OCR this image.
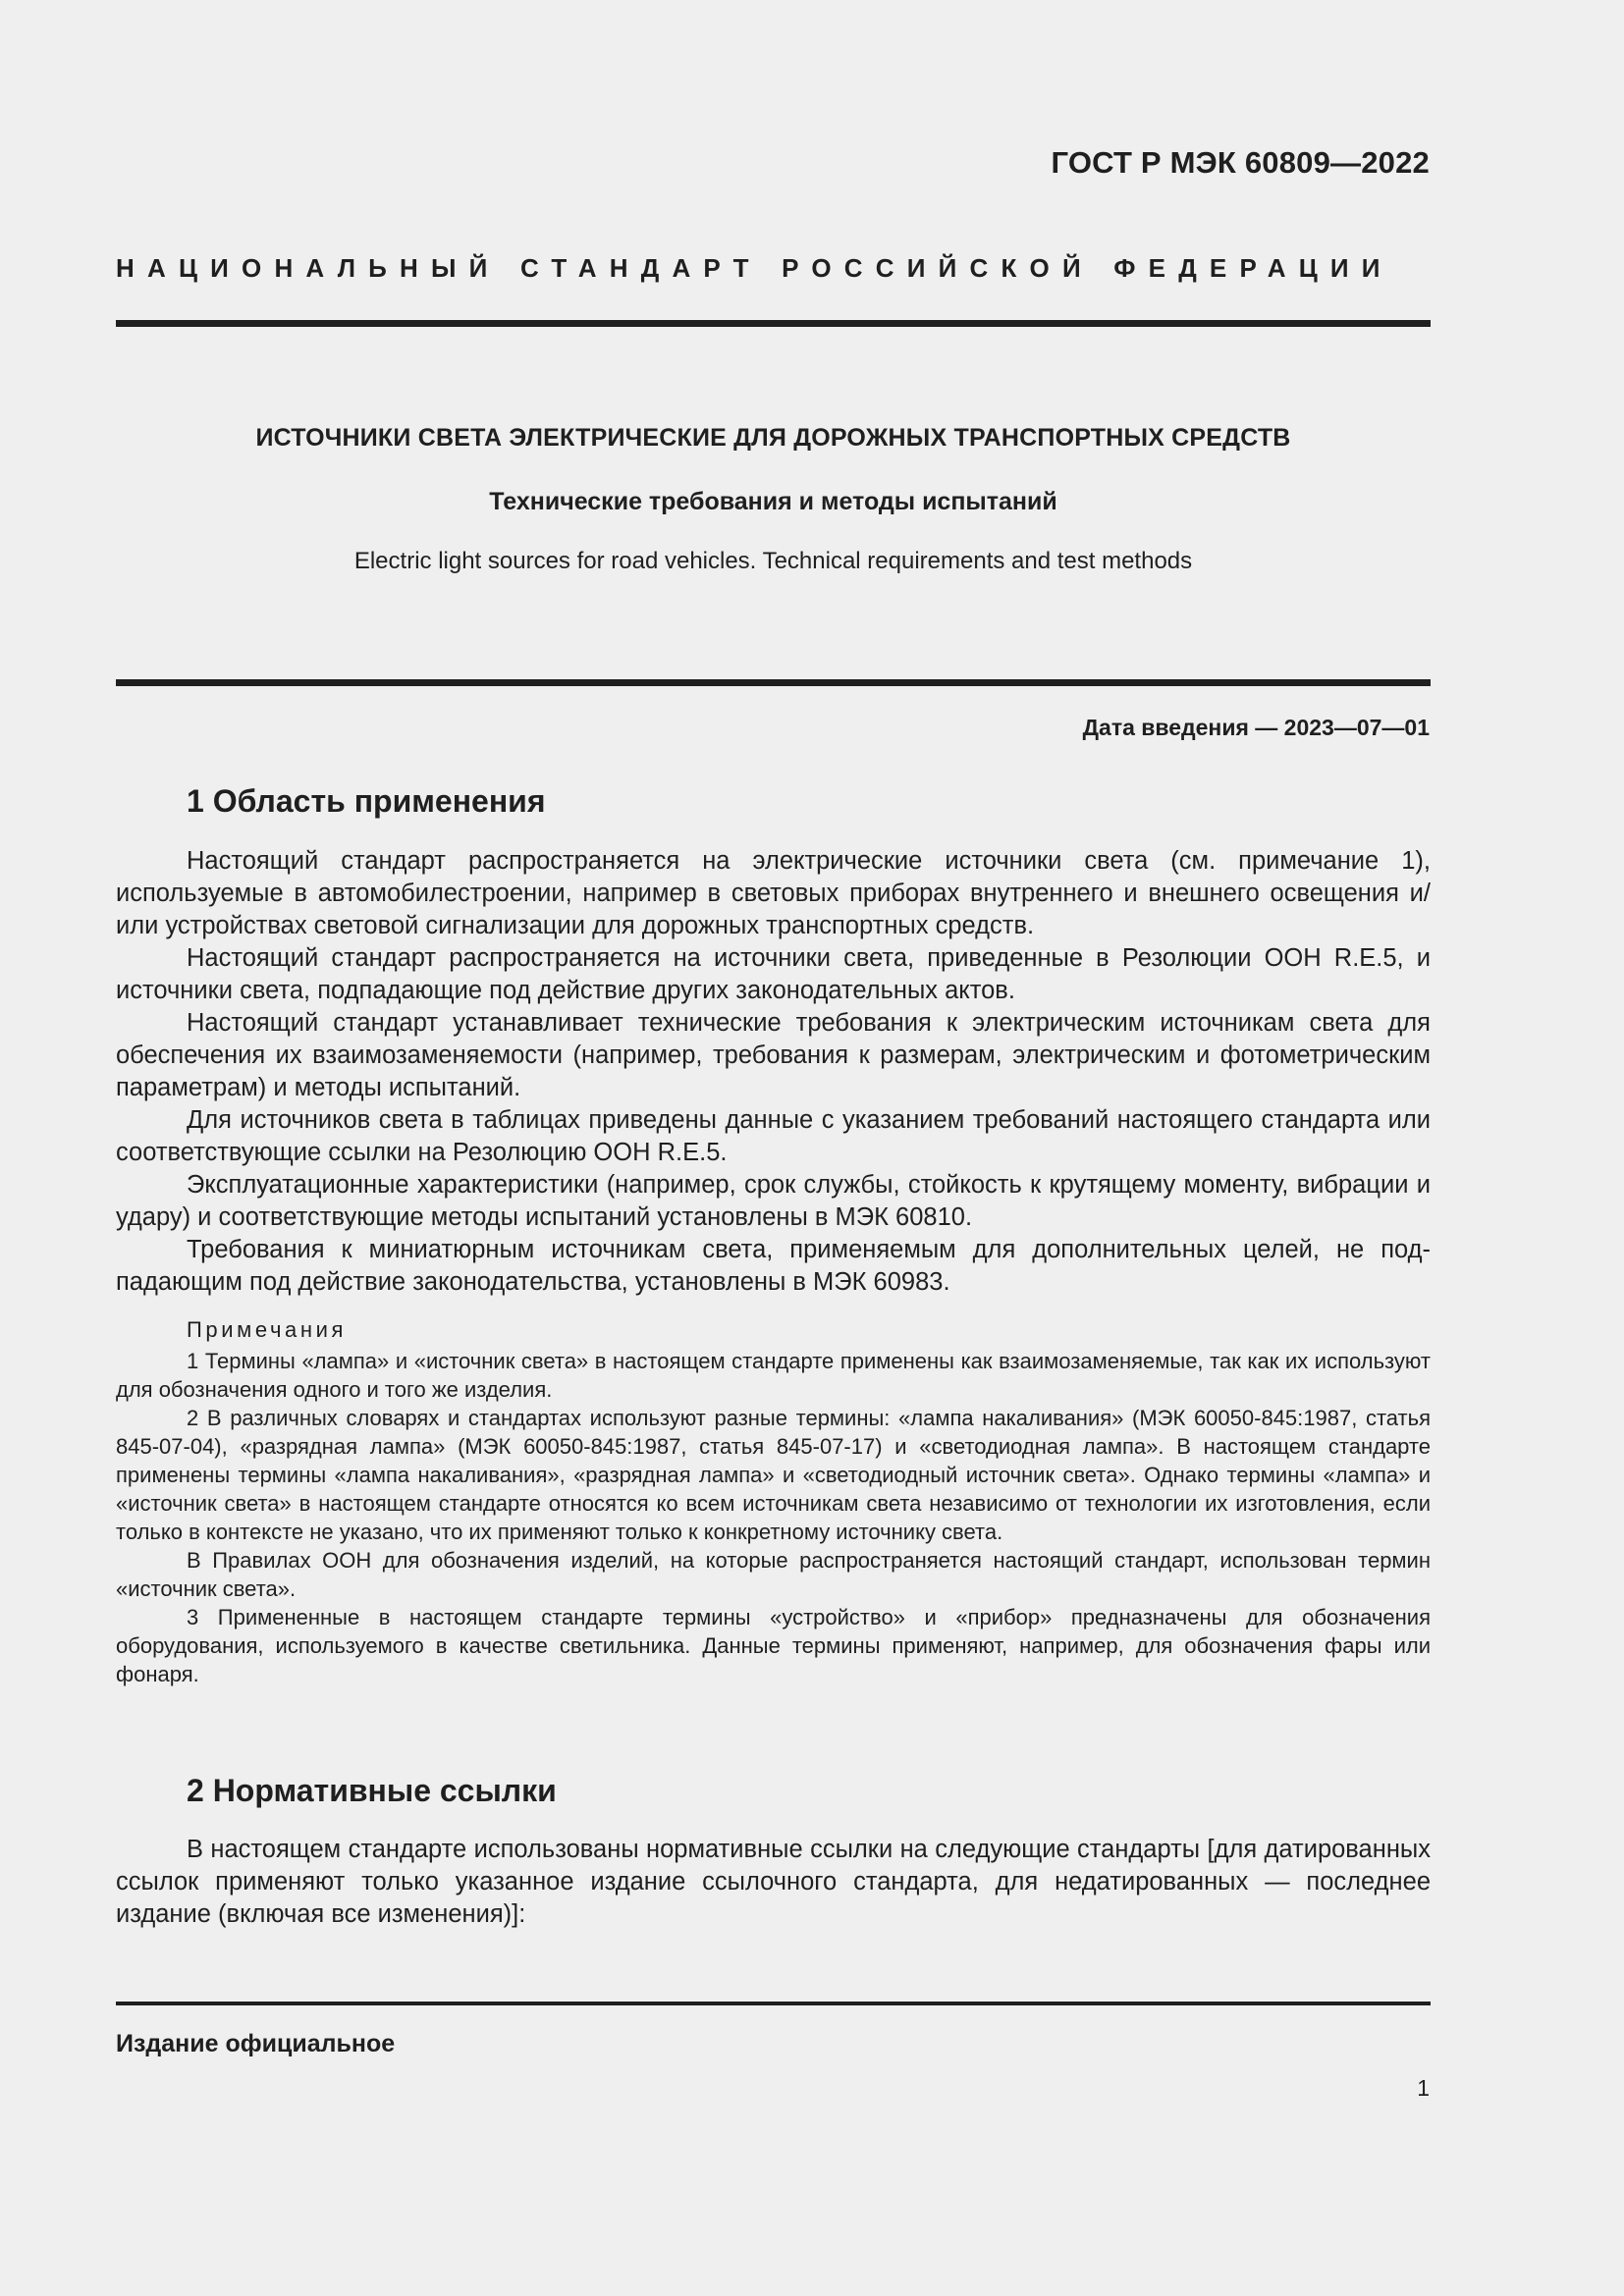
ГОСТ Р МЭК 60809—2022
НАЦИОНАЛЬНЫЙ СТАНДАРТ РОССИЙСКОЙ ФЕДЕРАЦИИ
ИСТОЧНИКИ СВЕТА ЭЛЕКТРИЧЕСКИЕ ДЛЯ ДОРОЖНЫХ ТРАНСПОРТНЫХ СРЕДСТВ
Технические требования и методы испытаний
Electric light sources for road vehicles. Technical requirements and test methods
Дата введения — 2023—07—01
1 Область применения

Настоящий стандарт распространяется на электрические источники света (см. примечание 1), используемые в автомобилестроении, например в световых приборах внутреннего и внешнего освещения и/или устройствах световой сигнализации для дорожных транспортных средств.

Настоящий стандарт распространяется на источники света, приведенные в Резолюции ООН R.E.5, и источники света, подпадающие под действие других законодательных актов.

Настоящий стандарт устанавливает технические требования к электрическим источникам света для обеспечения их взаимозаменяемости (например, требования к размерам, электрическим и фотометрическим параметрам) и методы испытаний.

Для источников света в таблицах приведены данные с указанием требований настоящего стандарта или соответствующие ссылки на Резолюцию ООН R.E.5.

Эксплуатационные характеристики (например, срок службы, стойкость к крутящему моменту, вибрации и удару) и соответствующие методы испытаний установлены в МЭК 60810.

Требования к миниатюрным источникам света, применяемым для дополнительных целей, не подпадающим под действие законодательства, установлены в МЭК 60983.

Примечания

1 Термины «лампа» и «источник света» в настоящем стандарте применены как взаимозаменяемые, так как их используют для обозначения одного и того же изделия.

2 В различных словарях и стандартах используют разные термины: «лампа накаливания» (МЭК 60050-845:1987, статья 845-07-04), «разрядная лампа» (МЭК 60050-845:1987, статья 845-07-17) и «светодиодная лампа». В настоящем стандарте применены термины «лампа накаливания», «разрядная лампа» и «светодиодный источник света». Однако термины «лампа» и «источник света» в настоящем стандарте относятся ко всем источникам света независимо от технологии их изготовления, если только в контексте не указано, что их применяют только к конкретному источнику света.

В Правилах ООН для обозначения изделий, на которые распространяется настоящий стандарт, использован термин «источник света».

3 Примененные в настоящем стандарте термины «устройство» и «прибор» предназначены для обозначения оборудования, используемого в качестве светильника. Данные термины применяют, например, для обозначения фары или фонаря.

2 Нормативные ссылки

В настоящем стандарте использованы нормативные ссылки на следующие стандарты [для датированных ссылок применяют только указанное издание ссылочного стандарта, для недатированных — последнее издание (включая все изменения)]:

Издание официальное
1
